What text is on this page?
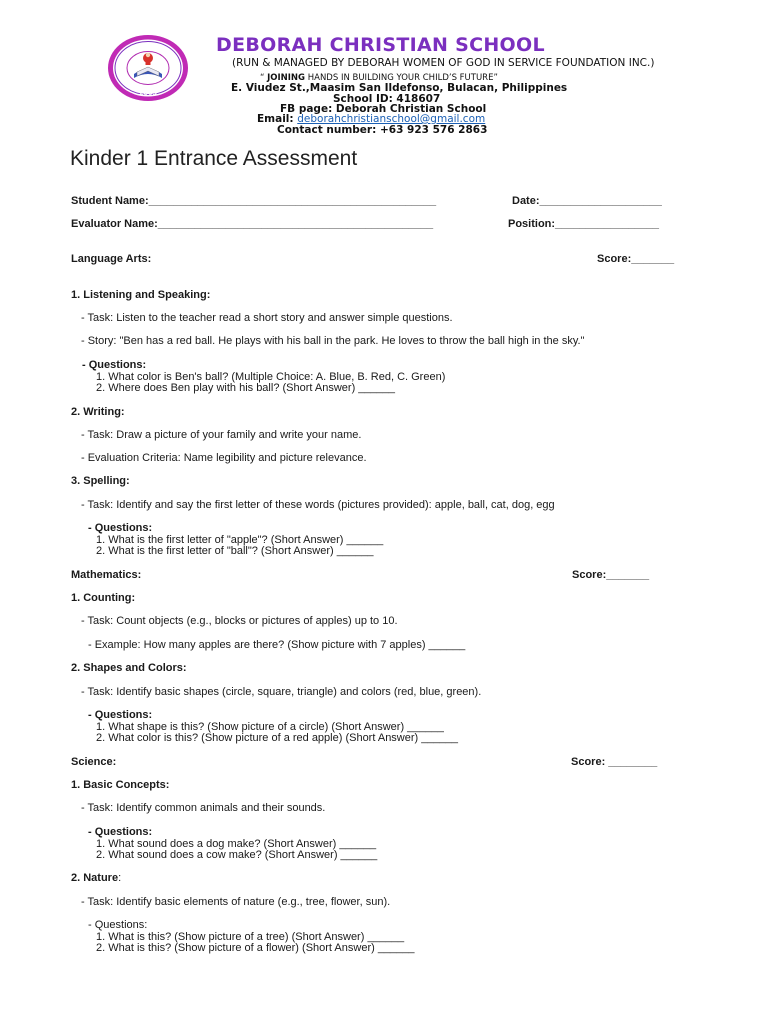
2005
DEBORAH CHRISTIAN SCHOOL
(RUN & MANAGED BY DEBORAH WOMEN OF GOD IN SERVICE FOUNDATION INC.)
“ JOINING HANDS IN BUILDING YOUR CHILD’S FUTURE”
E. Viudez St.,Maasim San Ildefonso, Bulacan, Philippines
School ID: 418607
FB page: Deborah Christian School
Email: deborahchristianschool@gmail.com
Contact number: +63 923 576 2863
Kinder 1 Entrance Assessment
Student Name:_______________________________________________	Date:____________________
Evaluator Name:_____________________________________________	Position:_________________
Language Arts:	Score:_______
1. Listening and Speaking:
- Task: Listen to the teacher read a short story and answer simple questions.
- Story: "Ben has a red ball. He plays with his ball in the park. He loves to throw the ball high in the sky."
- Questions:
1. What color is Ben's ball? (Multiple Choice: A. Blue, B. Red, C. Green)
2. Where does Ben play with his ball? (Short Answer) ______
2. Writing:
- Task: Draw a picture of your family and write your name.
- Evaluation Criteria: Name legibility and picture relevance.
3. Spelling:
- Task: Identify and say the first letter of these words (pictures provided): apple, ball, cat, dog, egg
- Questions:
1. What is the first letter of "apple"? (Short Answer) ______
2. What is the first letter of "ball"? (Short Answer) ______
Mathematics:	Score:_______
1. Counting:
- Task: Count objects (e.g., blocks or pictures of apples) up to 10.
- Example: How many apples are there? (Show picture with 7 apples) ______
2. Shapes and Colors:
- Task: Identify basic shapes (circle, square, triangle) and colors (red, blue, green).
- Questions:
1. What shape is this? (Show picture of a circle) (Short Answer) ______
2. What color is this? (Show picture of a red apple) (Short Answer) ______
Science:	Score: ________
1. Basic Concepts:
- Task: Identify common animals and their sounds.
- Questions:
1. What sound does a dog make? (Short Answer) ______
2. What sound does a cow make? (Short Answer) ______
2. Nature:
- Task: Identify basic elements of nature (e.g., tree, flower, sun).
- Questions:
1. What is this? (Show picture of a tree) (Short Answer) ______
2. What is this? (Show picture of a flower) (Short Answer) ______
